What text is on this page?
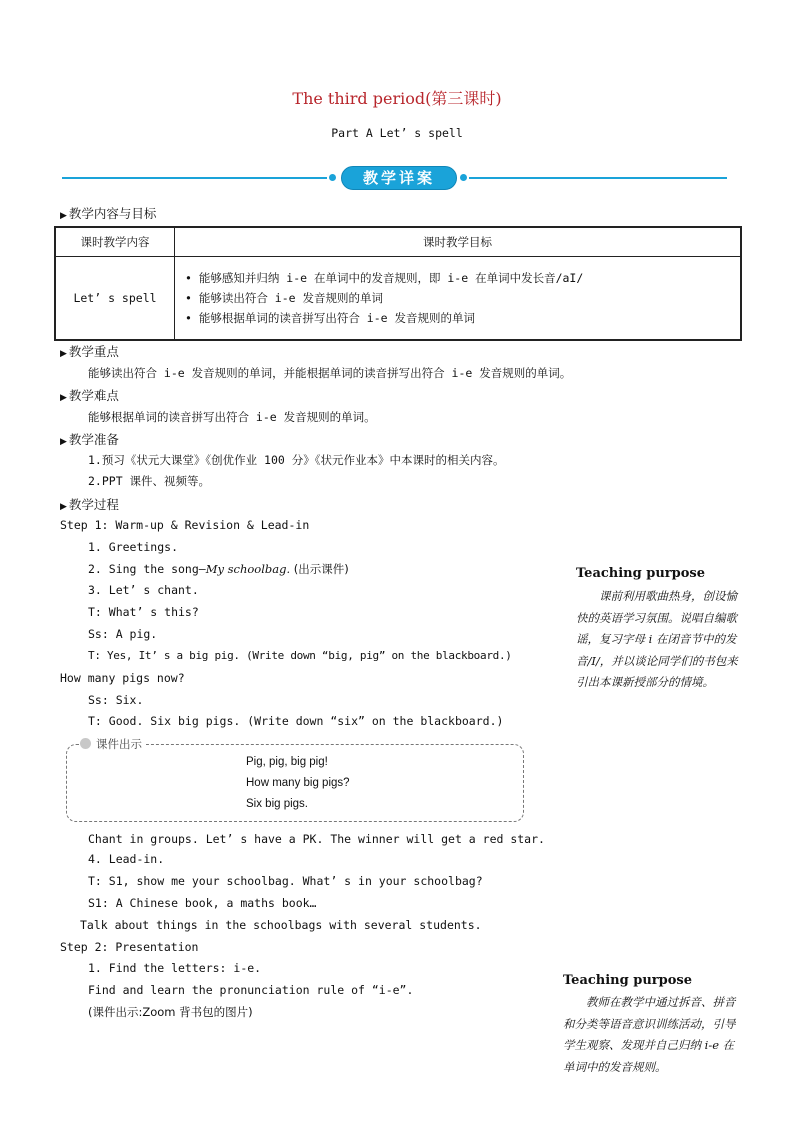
The third period(第三课时)
Part A Let’ s spell
教学详案
▶ 教学内容与目标
课时教学内容	课时教学目标
Let’ s spell	• 能够感知并归纳 i-e 在单词中的发音规则，即 i-e 在单词中发长音/aI/
• 能够读出符合 i-e 发音规则的单词
• 能够根据单词的读音拼写出符合 i-e 发音规则的单词
▶ 教学重点
能够读出符合 i-e 发音规则的单词，并能根据单词的读音拼写出符合 i-e 发音规则的单词。
▶ 教学难点
能够根据单词的读音拼写出符合 i-e 发音规则的单词。
▶ 教学准备
1.预习《状元大课堂》《创优作业 100 分》《状元作业本》中本课时的相关内容。
2.PPT 课件、视频等。
▶ 教学过程
Step 1: Warm-up & Revision & Lead-in
1. Greetings.
2. Sing the song—My schoolbag. (出示课件)
3. Let’ s chant.
T: What’ s this?
Ss: A pig.
T: Yes, It’ s a big pig. (Write down “big, pig” on the blackboard.)
How many pigs now?
Ss: Six.
T: Good. Six big pigs. (Write down “six” on the blackboard.)
课件出示
Pig, pig, big pig!
How many big pigs?
Six big pigs.
Chant in groups. Let’ s have a PK. The winner will get a red star.
4. Lead-in.
T: S1, show me your schoolbag. What’ s in your schoolbag?
S1: A Chinese book, a maths book…
Talk about things in the schoolbags with several students.
Step 2: Presentation
1. Find the letters: i-e.
Find and learn the pronunciation rule of “i-e”.
(课件出示:Zoom 背书包的图片)
Teaching purpose
课前利用歌曲热身，创设愉快的英语学习氛围。说唱自编歌谣，复习字母 i 在闭音节中的发音/I/，并以谈论同学们的书包来引出本课新授部分的情境。
Teaching purpose
教师在教学中通过拆音、拼音和分类等语音意识训练活动，引导学生观察、发现并自己归纳 i-e 在单词中的发音规则。
